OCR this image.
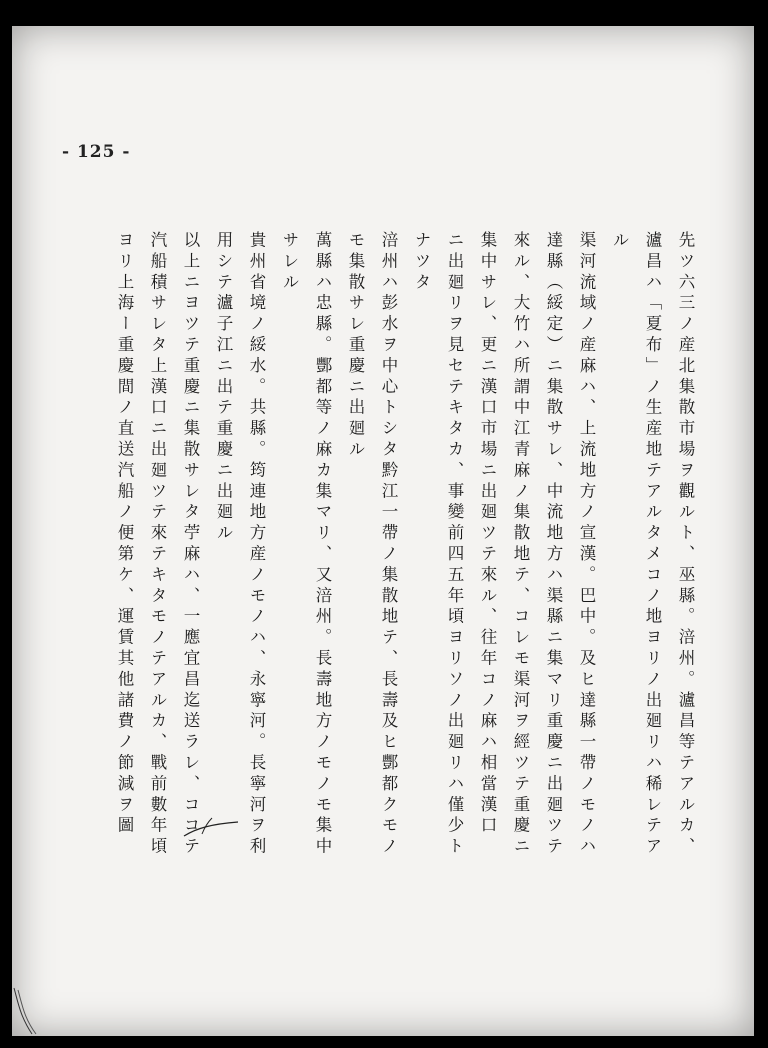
- 125 -
先ツ六三ノ産北集散市場ヲ觀ルト、巫縣。涪州。瀘昌等テアルカ、
瀘昌ハ「夏布」ノ生産地テアルタメコノ地ヨリノ出廻リハ稀レテア
ル
渠河流域ノ産麻ハ、上流地方ノ宣漢。巴中。及ヒ達縣一帶ノモノハ
達縣（綏定）ニ集散サレ、中流地方ハ渠縣ニ集マリ重慶ニ出廻ツテ
來ル、大竹ハ所謂中江青麻ノ集散地テ、コレモ渠河ヲ經ツテ重慶ニ
集中サレ、更ニ漢口市場ニ出廻ツテ來ル、往年コノ麻ハ相當漢口
ニ出廻リヲ見セテキタカ、事變前四五年頃ヨリソノ出廻リハ僅少ト
ナツタ
涪州ハ彭水ヲ中心トシタ黔江一帶ノ集散地テ、長壽及ヒ酆都クモノ
モ集散サレ重慶ニ出廻ル
萬縣ハ忠縣。酆都等ノ麻カ集マリ、又涪州。長壽地方ノモノモ集中
サレル
貴州省境ノ綏水。共縣。筠連地方産ノモノハ、永寧河。長寧河ヲ利
用シテ瀘子江ニ出テ重慶ニ出廻ル
以上ニヨツテ重慶ニ集散サレタ苧麻ハ、一應宜昌迄送ラレ、ココテ
汽船積サレタ上漢口ニ出廻ツテ來テキタモノテアルカ、戰前數年頃
ヨリ上海ー重慶間ノ直送汽船ノ便第ケ、運賃其他諸費ノ節減ヲ圖
